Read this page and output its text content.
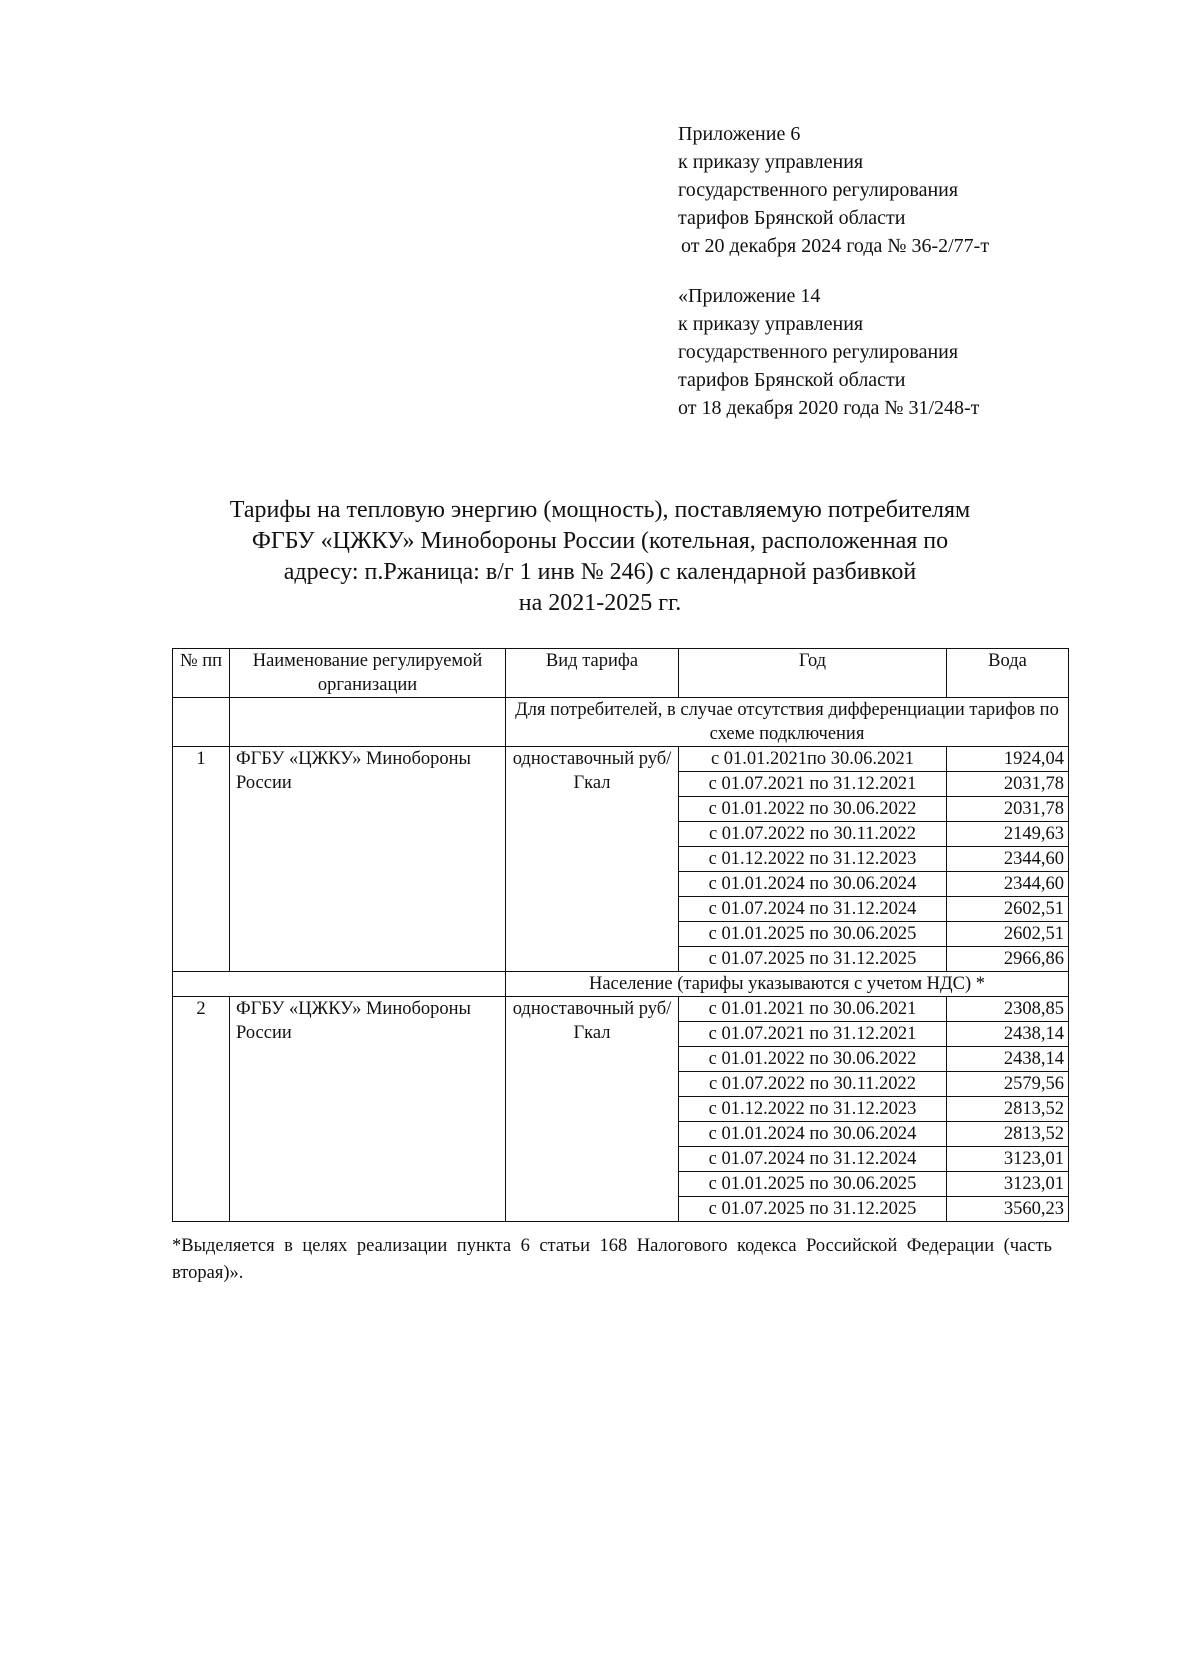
Приложение 6
к приказу управления
государственного регулирования
тарифов Брянской области
от 20 декабря 2024 года № 36-2/77-т
«Приложение 14
к приказу управления
государственного регулирования
тарифов Брянской области
от 18 декабря 2020 года № 31/248-т
Тарифы на тепловую энергию (мощность), поставляемую потребителям
ФГБУ «ЦЖКУ» Минобороны России (котельная, расположенная по
адресу: п.Ржаница: в/г 1 инв № 246) с календарной разбивкой
на 2021-2025 гг.
№ пп	Наименование регулируемой организации	Вид тарифа	Год	Вода
		Для потребителей, в случае отсутствия дифференциации тарифов по схеме подключения		
1	ФГБУ «ЦЖКУ» Минобороны России	одноставочный руб/Гкал	с 01.01.2021по 30.06.2021	1924,04
			с 01.07.2021 по 31.12.2021	2031,78
			с 01.01.2022 по 30.06.2022	2031,78
			с 01.07.2022 по 30.11.2022	2149,63
			с 01.12.2022 по 31.12.2023	2344,60
			с 01.01.2024 по 30.06.2024	2344,60
			с 01.07.2024 по 31.12.2024	2602,51
			с 01.01.2025 по 30.06.2025	2602,51
			с 01.07.2025 по 31.12.2025	2966,86
		Население (тарифы указываются с учетом НДС) *		
2	ФГБУ «ЦЖКУ» Минобороны России	одноставочный руб/Гкал	с 01.01.2021 по 30.06.2021	2308,85
			с 01.07.2021 по 31.12.2021	2438,14
			с 01.01.2022 по 30.06.2022	2438,14
			с 01.07.2022 по 30.11.2022	2579,56
			с 01.12.2022 по 31.12.2023	2813,52
			с 01.01.2024 по 30.06.2024	2813,52
			с 01.07.2024 по 31.12.2024	3123,01
			с 01.01.2025 по 30.06.2025	3123,01
			с 01.07.2025 по 31.12.2025	3560,23
*Выделяется в целях реализации пункта 6 статьи 168 Налогового кодекса Российской Федерации (часть вторая)».
